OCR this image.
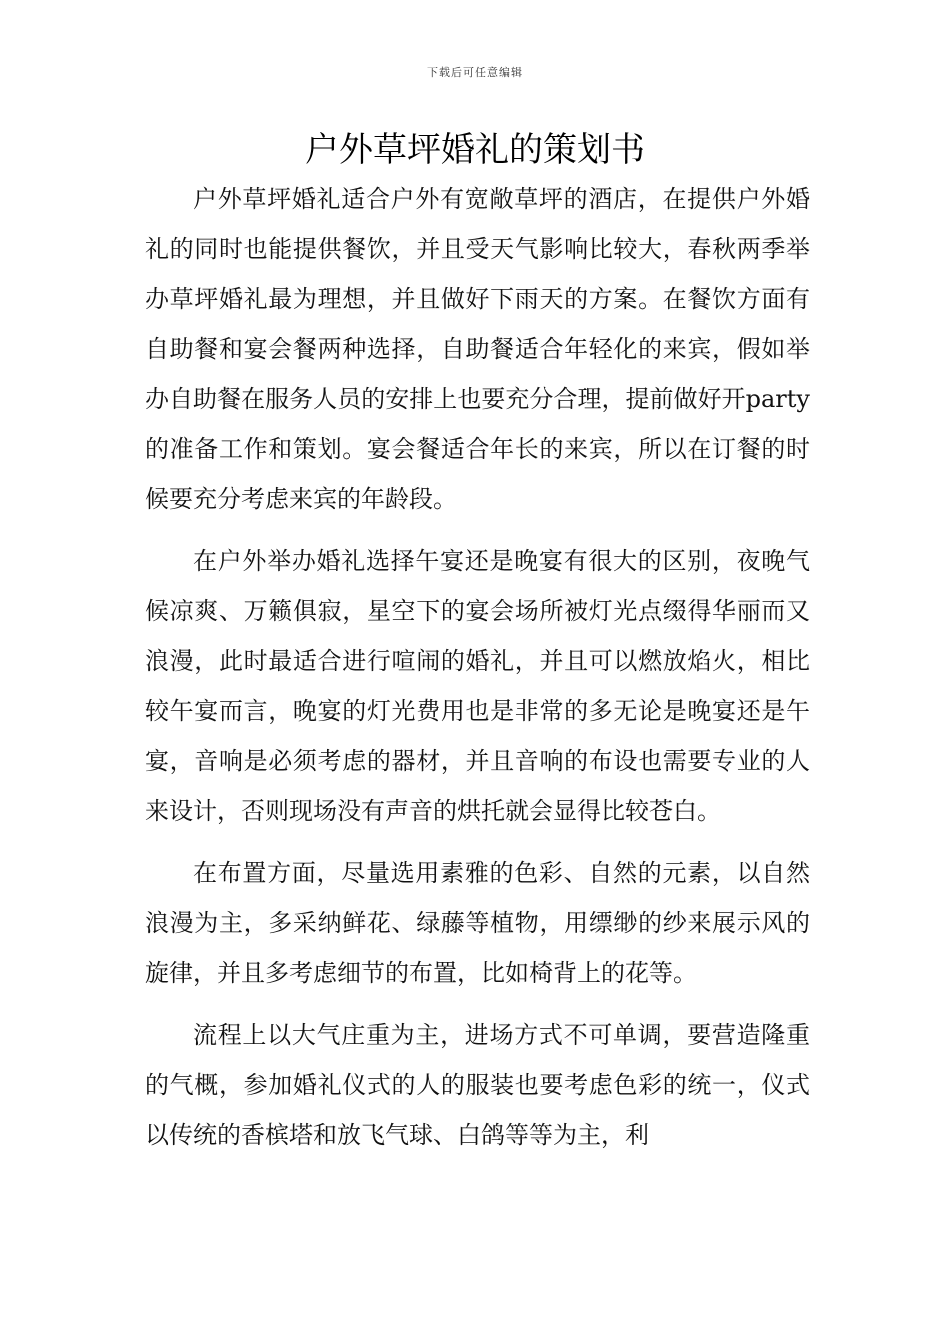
下载后可任意编辑
户外草坪婚礼的策划书

户外草坪婚礼适合户外有宽敞草坪的酒店，在提供户外婚礼的同时也能提供餐饮，并且受天气影响比较大，春秋两季举办草坪婚礼最为理想，并且做好下雨天的方案。在餐饮方面有自助餐和宴会餐两种选择，自助餐适合年轻化的来宾，假如举办自助餐在服务人员的安排上也要充分合理，提前做好开party的准备工作和策划。宴会餐适合年长的来宾，所以在订餐的时候要充分考虑来宾的年龄段。

在户外举办婚礼选择午宴还是晚宴有很大的区别，夜晚气候凉爽、万籁俱寂，星空下的宴会场所被灯光点缀得华丽而又浪漫，此时最适合进行喧闹的婚礼，并且可以燃放焰火，相比较午宴而言，晚宴的灯光费用也是非常的多无论是晚宴还是午宴，音响是必须考虑的器材，并且音响的布设也需要专业的人来设计，否则现场没有声音的烘托就会显得比较苍白。

在布置方面，尽量选用素雅的色彩、自然的元素，以自然浪漫为主，多采纳鲜花、绿藤等植物，用缥缈的纱来展示风的旋律，并且多考虑细节的布置，比如椅背上的花等。

流程上以大气庄重为主，进场方式不可单调，要营造隆重的气概，参加婚礼仪式的人的服装也要考虑色彩的统一，仪式以传统的香槟塔和放飞气球、白鸽等等为主，利
